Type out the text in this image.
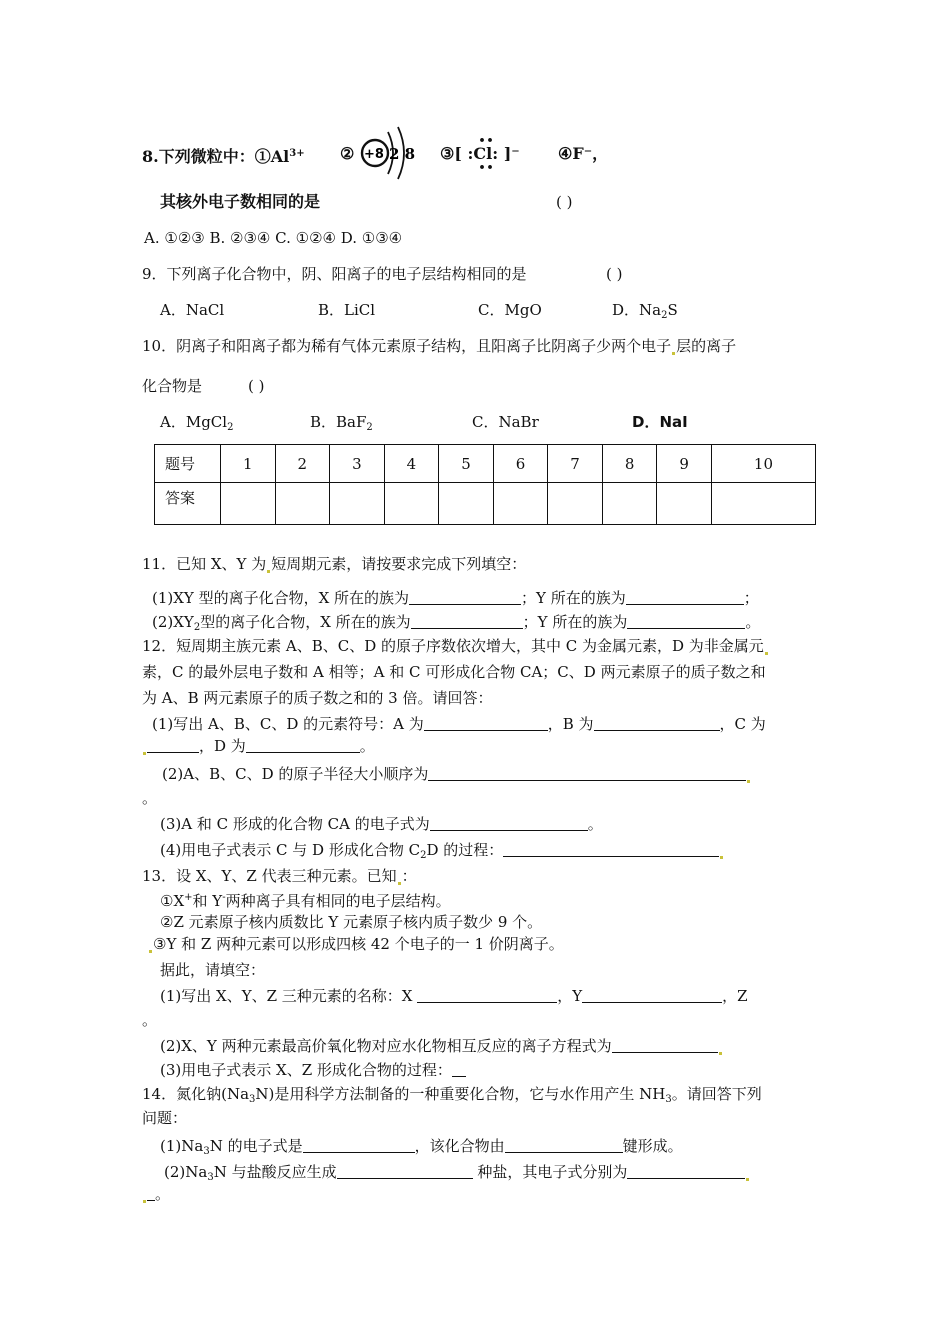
8.下列微粒中：$①Al^{3+}$ ② +8 2 8 ③[
••
:Cl:
••
]⁻ ④F⁻，
其核外电子数相同的是	( )
A. ①②③ B. ②③④ C. ①②④ D. ①③④
9．下列离子化合物中，阴、阳离子的电子层结构相同的是	( )
A．NaCl	B．LiCl	C．MgO	D．$Na_2S$
10．阴离子和阳离子都为稀有气体元素原子结构，且阳离子比阴离子少两个电子 层的离子
化合物是	( )
A．MgCl$_2$	B．BaF$_2$	C．NaBr	D．NaI
题号	1	2	3	4	5	6	7	8	9	10
答案										
11．已知 X、Y 为 短周期元素，请按要求完成下列填空：
(1)XY 型的离子化合物，X 所在的族为	；Y 所在的族为	；
$(2)XY_2$型的离子化合物，X 所在的族为	；Y 所在的族为	。
12．短周期主族元素 A、B、C、D 的原子序数依次增大，其中 C 为金属元素，D 为非金属元
素，C 的最外层电子数和 A 相等；A 和 C 可形成化合物 CA；C、D 两元素原子的质子数之和
为 A、B 两元素原子的质子数之和的 3 倍。请回答：
(1)写出 A、B、C、D 的元素符号：A 为	，B 为	，C 为
，D 为	。
(2)A、B、C、D 的原子半径大小顺序为
。
(3)A 和 C 形成的化合物 CA 的电子式为	。
(4)用电子式表示 C 与 D 形成化合物 $C_2D$ 的过程：
13．设 X、Y、Z 代表三种元素。已知 ：
①X+和 Y-两种离子具有相同的电子层结构。
②Z 元素原子核内质数比 Y 元素原子核内质子数少 9 个。
③Y 和 Z 两种元素可以形成四核 42 个电子的一 1 价阴离子。
据此，请填空：
(1)写出 X、Y、Z 三种元素的名称：X	，Y	，Z
。
(2)X、Y 两种元素最高价氧化物对应水化物相互反应的离子方程式为
(3)用电子式表示 X、Z 形成化合物的过程：
14．氮化钠$(Na_3N)$是用科学方法制备的一种重要化合物，它与水作用产生 $NH_3$。请回答下列
问题：
$(1)Na_3N$ 的电子式是	，该化合物由	键形成。
$(2)Na_3N$ 与盐酸反应生成	种盐，其电子式分别为
。
